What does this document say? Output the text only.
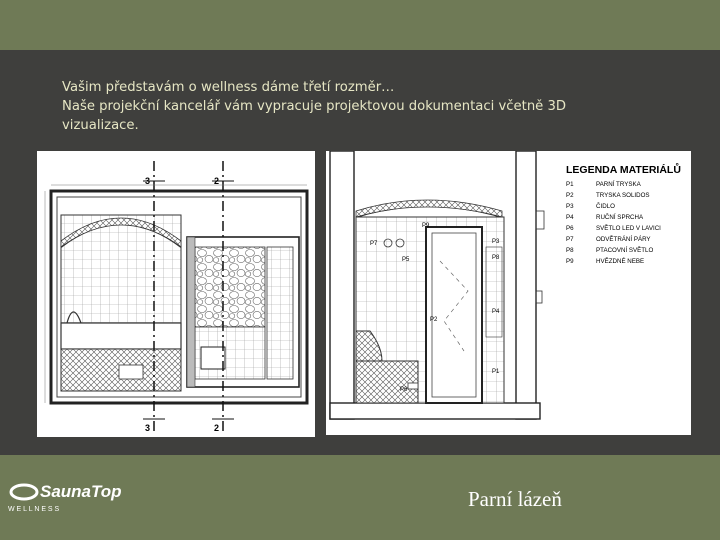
Vašim představám o wellness dáme třetí rozměr…
Naše projekční kancelář vám vypracuje projektovou dokumentaci včetně 3D
vizualizace.
3	2
3	2
P9
P7	P3
P5	P8
P4
P1
P6
P2
LEGENDA MATERIÁLŮ
P1	PARNÍ TRYSKA
P2	TRYSKA SOLIDOS
P3	ČIDLO
P4	RUČNÍ SPRCHA
P6	SVĚTLO LED V LAVICI
P7	ODVĚTRÁNÍ PÁRY
P8	PTACOVNÍ SVĚTLO
P9	HVĚZDNÉ NEBE
SaunaTop
W E L L N E S S	Parní lázeň
